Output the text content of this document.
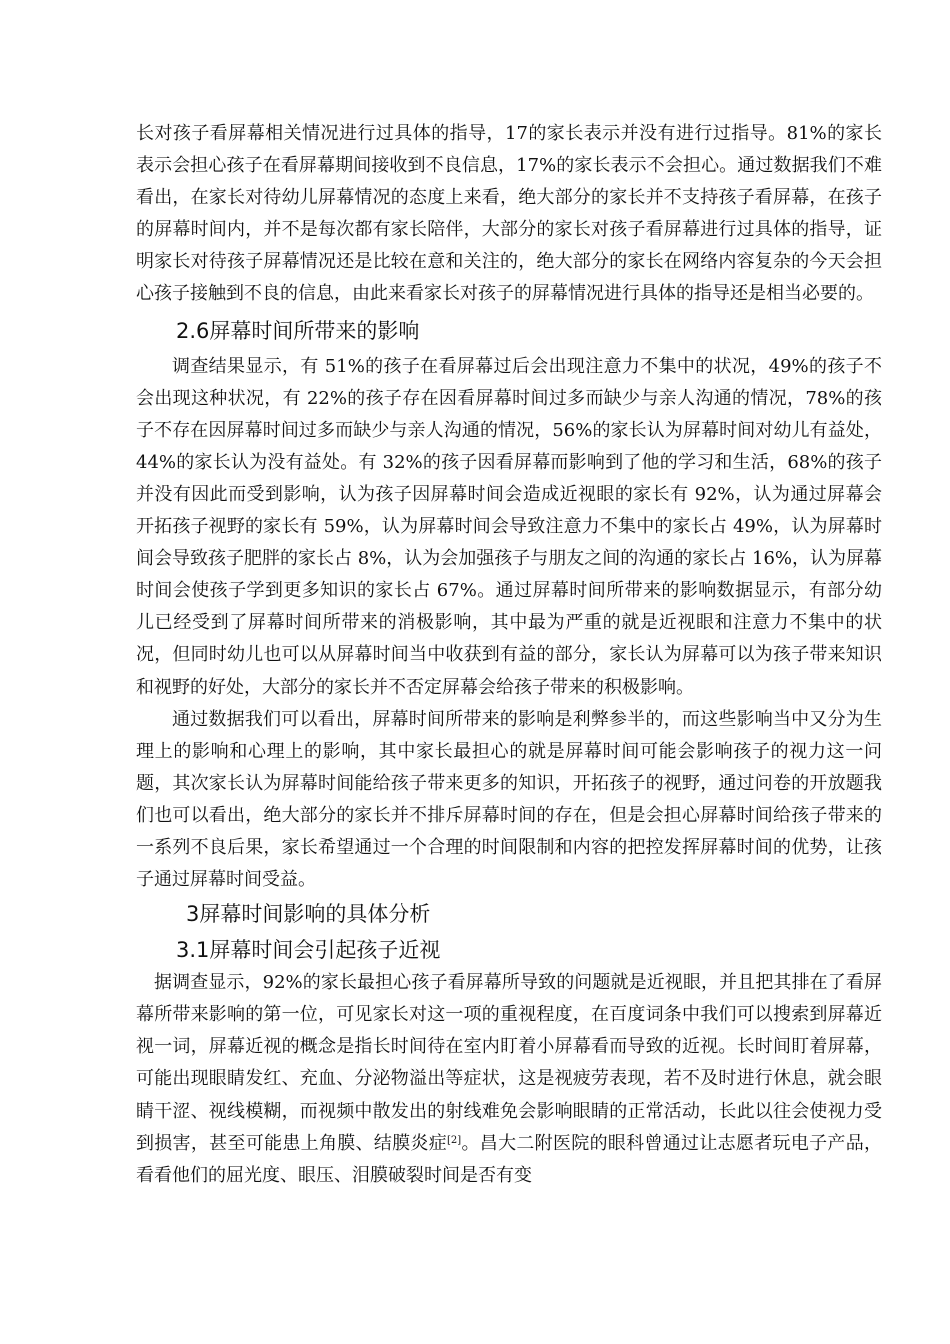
长对孩子看屏幕相关情况进行过具体的指导，17的家长表示并没有进行过指导。81%的家长表示会担心孩子在看屏幕期间接收到不良信息，17%的家长表示不会担心。通过数据我们不难看出，在家长对待幼儿屏幕情况的态度上来看，绝大部分的家长并不支持孩子看屏幕，在孩子的屏幕时间内，并不是每次都有家长陪伴，大部分的家长对孩子看屏幕进行过具体的指导，证明家长对待孩子屏幕情况还是比较在意和关注的，绝大部分的家长在网络内容复杂的今天会担心孩子接触到不良的信息，由此来看家长对孩子的屏幕情况进行具体的指导还是相当必要的。

2.6屏幕时间所带来的影响

调查结果显示，有 51%的孩子在看屏幕过后会出现注意力不集中的状况，49%的孩子不会出现这种状况，有 22%的孩子存在因看屏幕时间过多而缺少与亲人沟通的情况，78%的孩子不存在因屏幕时间过多而缺少与亲人沟通的情况，56%的家长认为屏幕时间对幼儿有益处，44%的家长认为没有益处。有 32%的孩子因看屏幕而影响到了他的学习和生活，68%的孩子并没有因此而受到影响，认为孩子因屏幕时间会造成近视眼的家长有 92%，认为通过屏幕会开拓孩子视野的家长有 59%，认为屏幕时间会导致注意力不集中的家长占 49%，认为屏幕时间会导致孩子肥胖的家长占 8%，认为会加强孩子与朋友之间的沟通的家长占 16%，认为屏幕时间会使孩子学到更多知识的家长占 67%。通过屏幕时间所带来的影响数据显示，有部分幼儿已经受到了屏幕时间所带来的消极影响，其中最为严重的就是近视眼和注意力不集中的状况，但同时幼儿也可以从屏幕时间当中收获到有益的部分，家长认为屏幕可以为孩子带来知识和视野的好处，大部分的家长并不否定屏幕会给孩子带来的积极影响。

通过数据我们可以看出，屏幕时间所带来的影响是利弊参半的，而这些影响当中又分为生理上的影响和心理上的影响，其中家长最担心的就是屏幕时间可能会影响孩子的视力这一问题，其次家长认为屏幕时间能给孩子带来更多的知识，开拓孩子的视野，通过问卷的开放题我们也可以看出，绝大部分的家长并不排斥屏幕时间的存在，但是会担心屏幕时间给孩子带来的一系列不良后果，家长希望通过一个合理的时间限制和内容的把控发挥屏幕时间的优势，让孩子通过屏幕时间受益。

3屏幕时间影响的具体分析
3.1屏幕时间会引起孩子近视

据调查显示，92%的家长最担心孩子看屏幕所导致的问题就是近视眼，并且把其排在了看屏幕所带来影响的第一位，可见家长对这一项的重视程度，在百度词条中我们可以搜索到屏幕近视一词，屏幕近视的概念是指长时间待在室内盯着小屏幕看而导致的近视。长时间盯着屏幕，可能出现眼睛发红、充血、分泌物溢出等症状，这是视疲劳表现，若不及时进行休息，就会眼睛干涩、视线模糊，而视频中散发出的射线难免会影响眼睛的正常活动，长此以往会使视力受到损害，甚至可能患上角膜、结膜炎症[2]。昌大二附医院的眼科曾通过让志愿者玩电子产品，看看他们的屈光度、眼压、泪膜破裂时间是否有变
